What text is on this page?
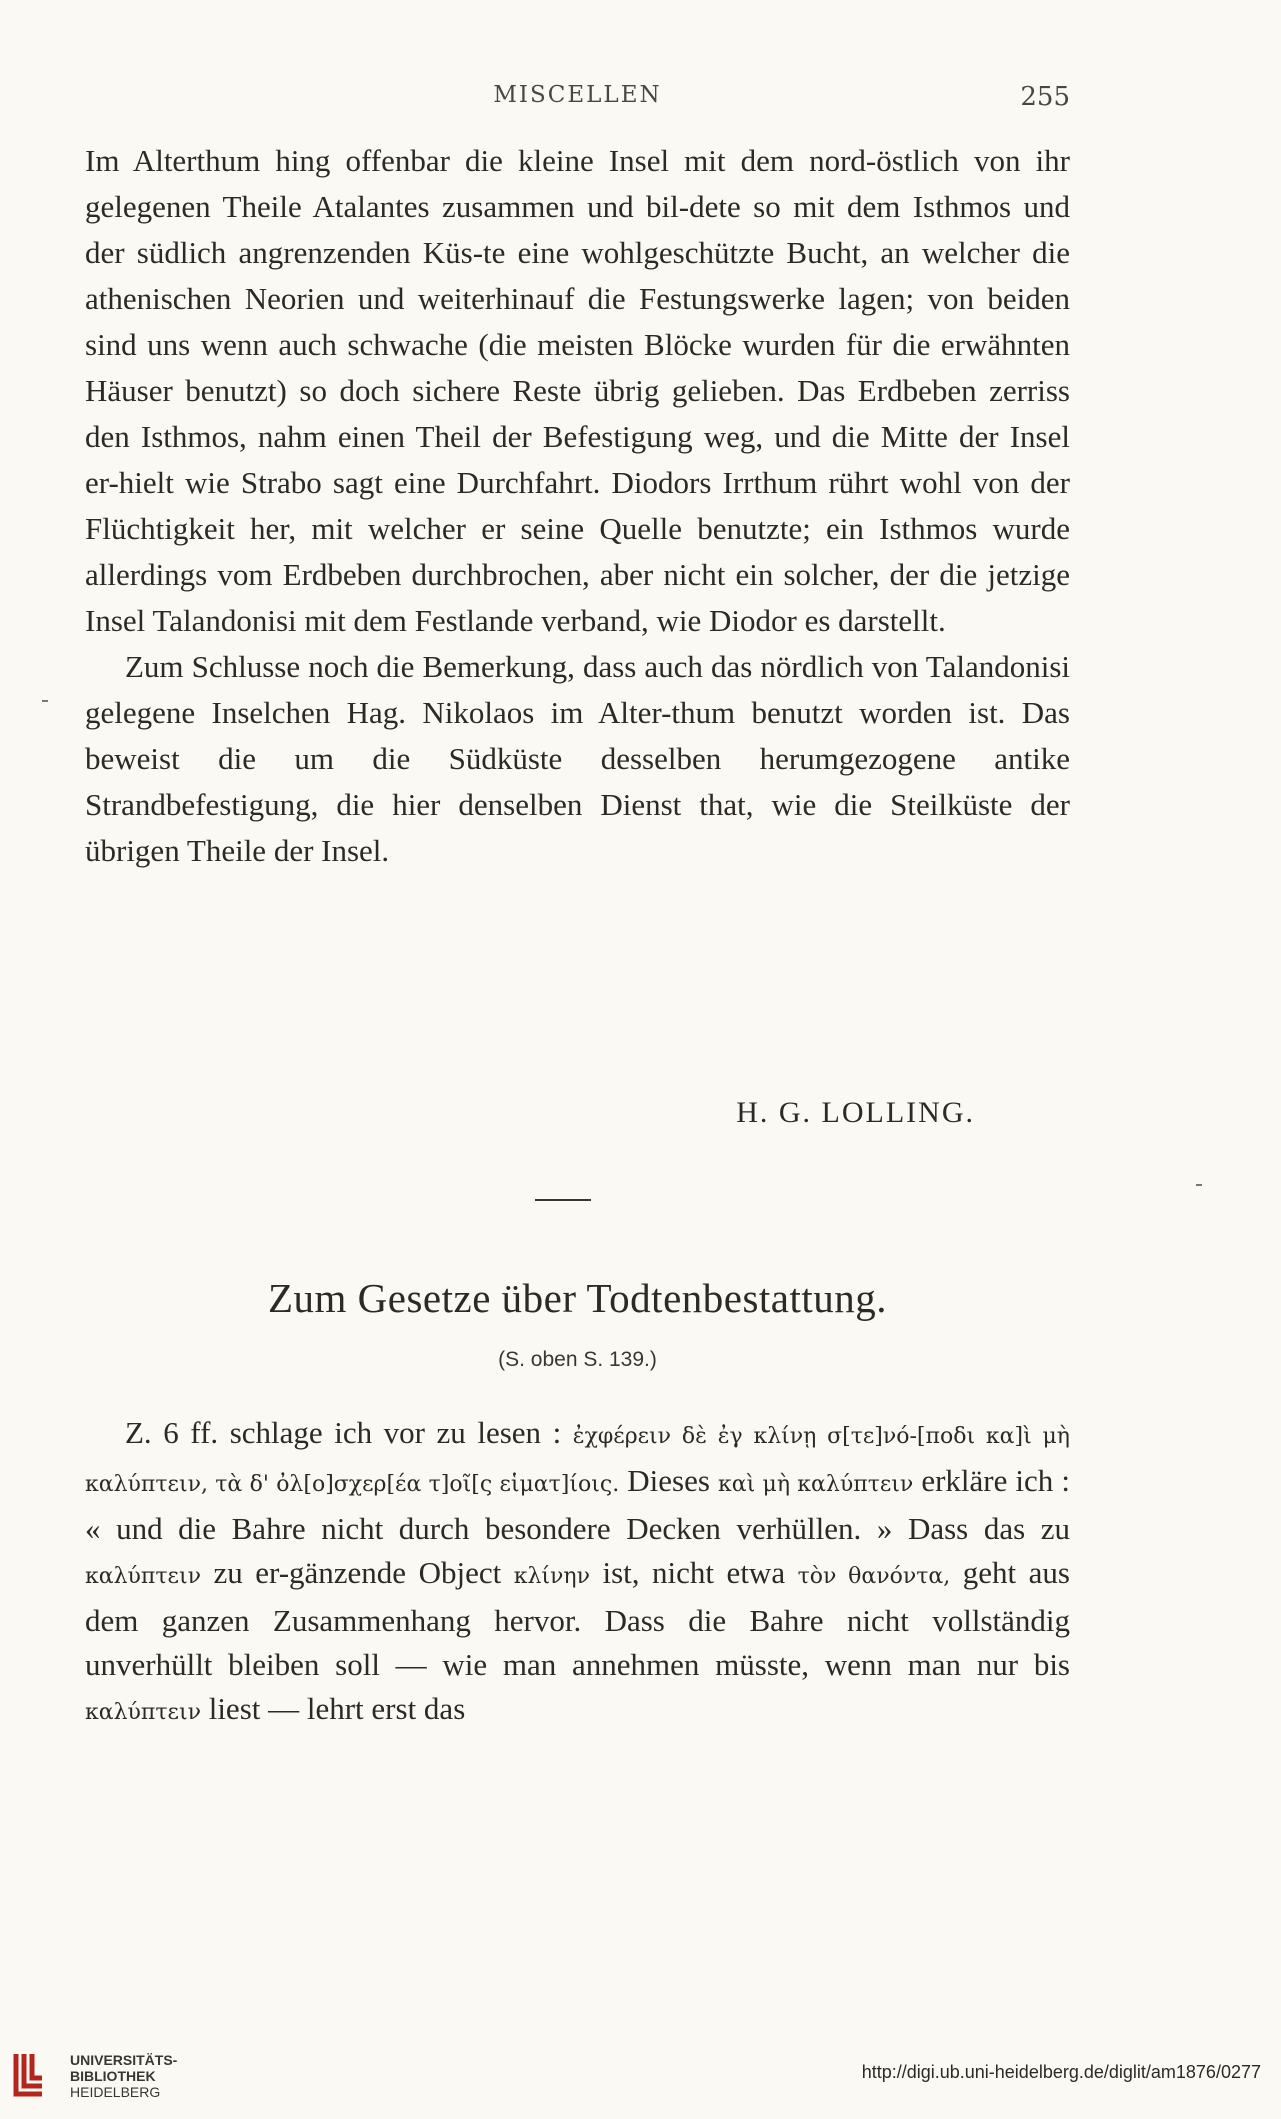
MISCELLEN	255

Im Alterthum hing offenbar die kleine Insel mit dem nord-östlich von ihr gelegenen Theile Atalantes zusammen und bil-dete so mit dem Isthmos und der südlich angrenzenden Küs-te eine wohlgeschützte Bucht, an welcher die athenischen Neorien und weiterhinauf die Festungswerke lagen; von beiden sind uns wenn auch schwache (die meisten Blöcke wurden für die erwähnten Häuser benutzt) so doch sichere Reste übrig gelieben. Das Erdbeben zerriss den Isthmos, nahm einen Theil der Befestigung weg, und die Mitte der Insel er-hielt wie Strabo sagt eine Durchfahrt. Diodors Irrthum rührt wohl von der Flüchtigkeit her, mit welcher er seine Quelle benutzte; ein Isthmos wurde allerdings vom Erdbeben durchbrochen, aber nicht ein solcher, der die jetzige Insel Talandonisi mit dem Festlande verband, wie Diodor es darstellt.

Zum Schlusse noch die Bemerkung, dass auch das nördlich von Talandonisi gelegene Inselchen Hag. Nikolaos im Alter-thum benutzt worden ist. Das beweist die um die Südküste desselben herumgezogene antike Strandbefestigung, die hier denselben Dienst that, wie die Steilküste der übrigen Theile der Insel.

H. G. LOLLING.
Zum Gesetze über Todtenbestattung.
(S. oben S. 139.)

Z. 6 ff. schlage ich vor zu lesen : ἐχφέρειν δὲ ἐγ κλίνῃ σ[τε]νό-[ποδι κα]ὶ μὴ καλύπτειν, τὰ δ' ὀλ[ο]σχερ[έα τ]οῖ[ς εἱματ]ίοις. Dieses καὶ μὴ καλύπτειν erkläre ich : « und die Bahre nicht durch besondere Decken verhüllen. » Dass das zu καλύπτειν zu er-gänzende Object κλίνην ist, nicht etwa τὸν θανόντα, geht aus dem ganzen Zusammenhang hervor. Dass die Bahre nicht vollständig unverhüllt bleiben soll — wie man annehmen müsste, wenn man nur bis καλύπτειν liest — lehrt erst das

UNIVERSITÄTS-
BIBLIOTHEK
HEIDELBERG
http://digi.ub.uni-heidelberg.de/diglit/am1876/0277
